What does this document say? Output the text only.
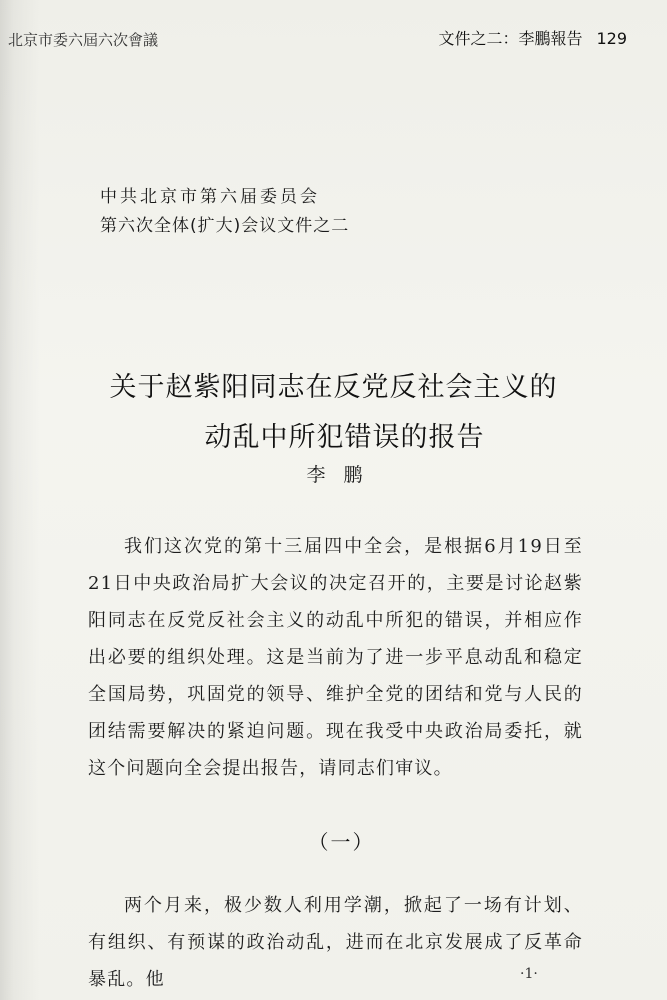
北京市委六屆六次會議	文件之二：李鵬報告 129
中共北京市第六届委员会
第六次全体(扩大)会议文件之二
关于赵紫阳同志在反党反社会主义的
动乱中所犯错误的报告
李鹏

我们这次党的第十三届四中全会，是根据6月19日至21日中央政治局扩大会议的决定召开的，主要是讨论赵紫阳同志在反党反社会主义的动乱中所犯的错误，并相应作出必要的组织处理。这是当前为了进一步平息动乱和稳定全国局势，巩固党的领导、维护全党的团结和党与人民的团结需要解决的紧迫问题。现在我受中央政治局委托，就这个问题向全会提出报告，请同志们审议。

（一）

两个月来，极少数人利用学潮，掀起了一场有计划、有组织、有预谋的政治动乱，进而在北京发展成了反革命暴乱。他	·1·
